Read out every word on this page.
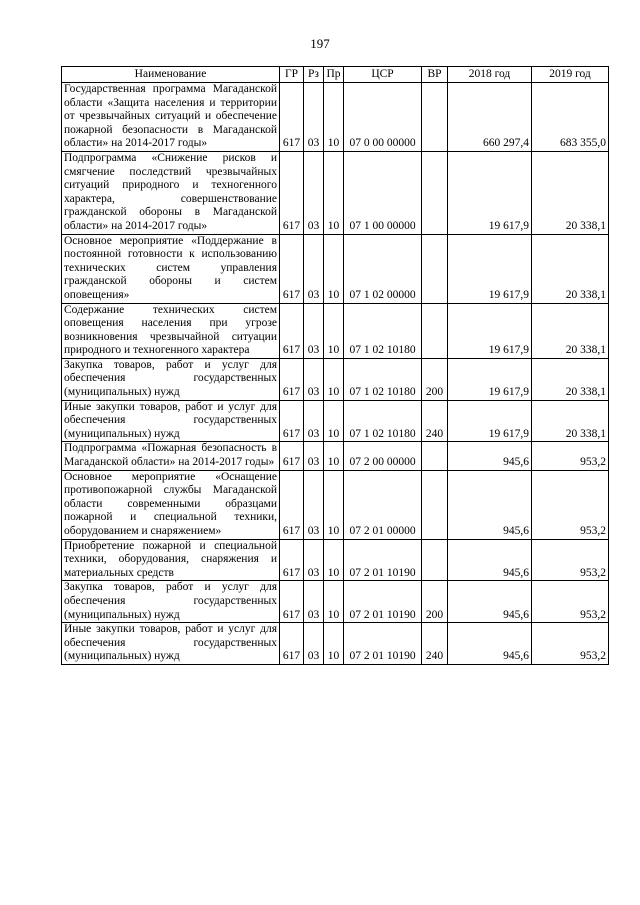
197
Наименование	ГР	Рз	Пр	ЦСР	ВР	2018 год	2019 год
Государственная программа Магаданской области «Защита населения и территории от чрезвычайных ситуаций и обеспечение пожарной безопасности в Магаданской области» на 2014-2017 годы»	617	03	10	07 0 00 00000		660 297,4	683 355,0
Подпрограмма «Снижение рисков и смягчение последствий чрезвычайных ситуаций природного и техногенного характера, совершенствование гражданской обороны в Магаданской области» на 2014-2017 годы»	617	03	10	07 1 00 00000		19 617,9	20 338,1
Основное мероприятие «Поддержание в постоянной готовности к использованию технических систем управления гражданской обороны и систем оповещения»	617	03	10	07 1 02 00000		19 617,9	20 338,1
Содержание технических систем оповещения населения при угрозе возникновения чрезвычайной ситуации природного и техногенного характера	617	03	10	07 1 02 10180		19 617,9	20 338,1
Закупка товаров, работ и услуг для обеспечения государственных (муниципальных) нужд	617	03	10	07 1 02 10180	200	19 617,9	20 338,1
Иные закупки товаров, работ и услуг для обеспечения государственных (муниципальных) нужд	617	03	10	07 1 02 10180	240	19 617,9	20 338,1
Подпрограмма «Пожарная безопасность в Магаданской области» на 2014-2017 годы»	617	03	10	07 2 00 00000		945,6	953,2
Основное мероприятие «Оснащение противопожарной службы Магаданской области современными образцами пожарной и специальной техники, оборудованием и снаряжением»	617	03	10	07 2 01 00000		945,6	953,2
Приобретение пожарной и специальной техники, оборудования, снаряжения и материальных средств	617	03	10	07 2 01 10190		945,6	953,2
Закупка товаров, работ и услуг для обеспечения государственных (муниципальных) нужд	617	03	10	07 2 01 10190	200	945,6	953,2
Иные закупки товаров, работ и услуг для обеспечения государственных (муниципальных) нужд	617	03	10	07 2 01 10190	240	945,6	953,2
